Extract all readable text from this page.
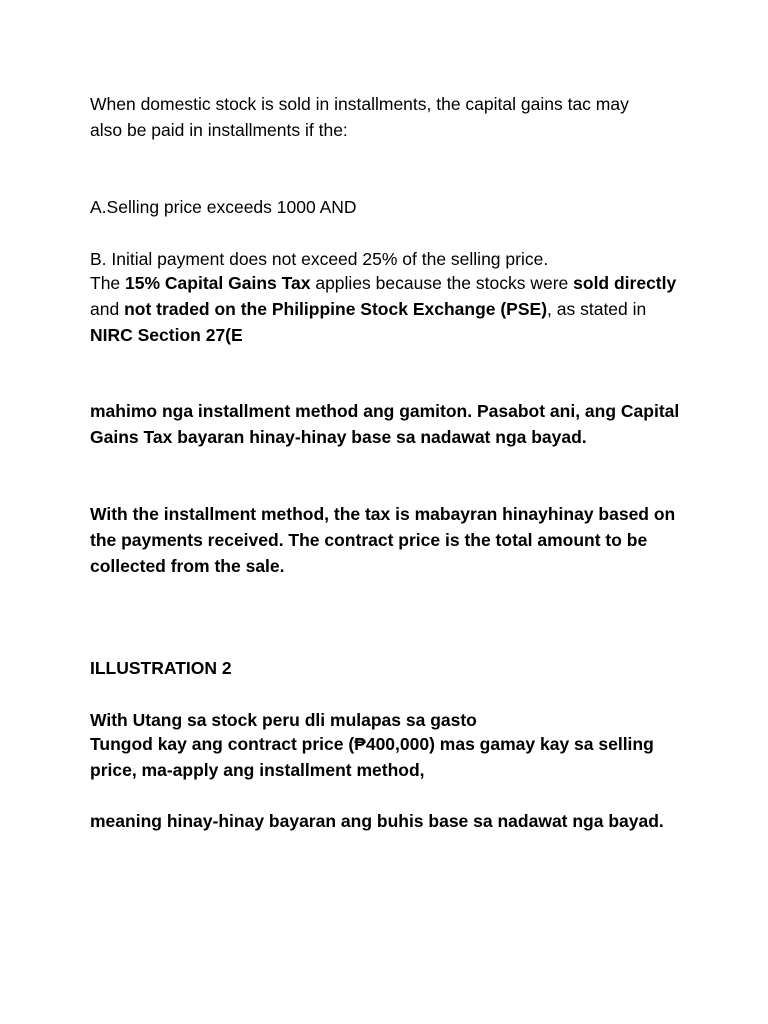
When domestic stock is sold in installments, the capital gains tac may
also be paid in installments if the:

A.Selling price exceeds 1000 AND

B. Initial payment does not exceed 25% of the selling price.

The 15% Capital Gains Tax applies because the stocks were sold directly and not traded on the Philippine Stock Exchange (PSE), as stated in NIRC Section 27(E

mahimo nga installment method ang gamiton. Pasabot ani, ang Capital Gains Tax bayaran hinay-hinay base sa nadawat nga bayad.

With the installment method, the tax is mabayran hinayhinay based on the payments received. The contract price is the total amount to be collected from the sale.

ILLUSTRATION 2

With Utang sa stock peru dli mulapas sa gasto

Tungod kay ang contract price (₱400,000) mas gamay kay sa selling price, ma-apply ang installment method,

meaning hinay-hinay bayaran ang buhis base sa nadawat nga bayad.
